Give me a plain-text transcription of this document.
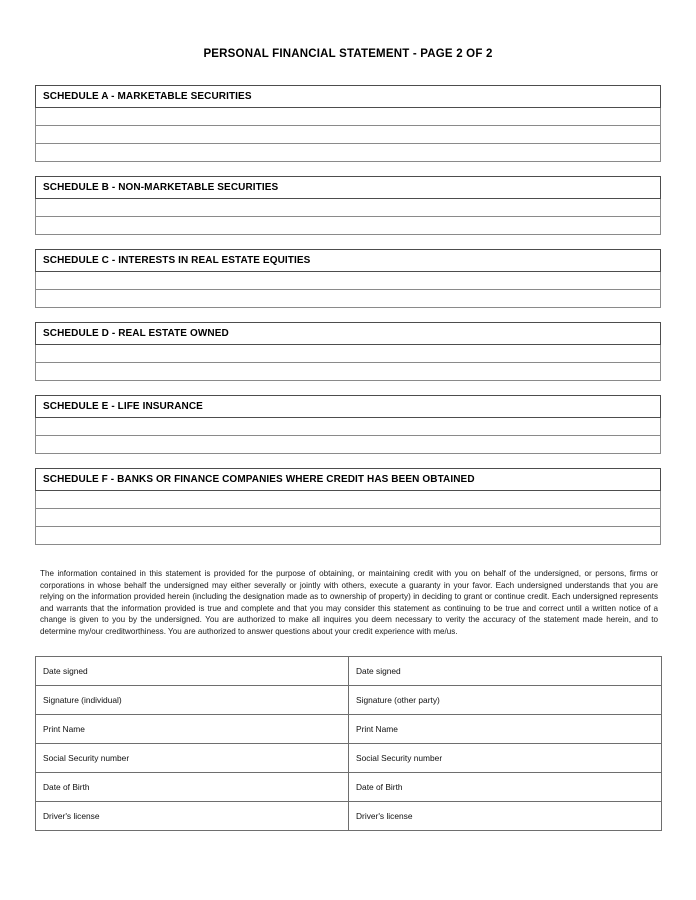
PERSONAL FINANCIAL STATEMENT - PAGE 2 OF 2
SCHEDULE A - MARKETABLE SECURITIES

SCHEDULE B - NON-MARKETABLE SECURITIES

SCHEDULE C - INTERESTS IN REAL ESTATE EQUITIES

SCHEDULE D - REAL ESTATE OWNED

SCHEDULE E - LIFE INSURANCE

SCHEDULE F - BANKS OR FINANCE COMPANIES WHERE CREDIT HAS BEEN OBTAINED

The information contained in this statement is provided for the purpose of obtaining, or maintaining credit with you on behalf of the undersigned, or persons, firms or corporations in whose behalf the undersigned may either severally or jointly with others, execute a guaranty in your favor. Each undersigned understands that you are relying on the information provided herein (including the designation made as to ownership of property) in deciding to grant or continue credit. Each undersigned represents and warrants that the information provided is true and complete and that you may consider this statement as continuing to be true and correct until a written notice of a change is given to you by the undersigned. You are authorized to make all inquires you deem necessary to verity the accuracy of the statement made herein, and to determine my/our creditworthiness. You are authorized to answer questions about your credit experience with me/us.

Date signed	Date signed
Signature (individual)	Signature (other party)
Print Name	Print Name
Social Security number	Social Security number
Date of Birth	Date of Birth
Driver's license	Driver's license
